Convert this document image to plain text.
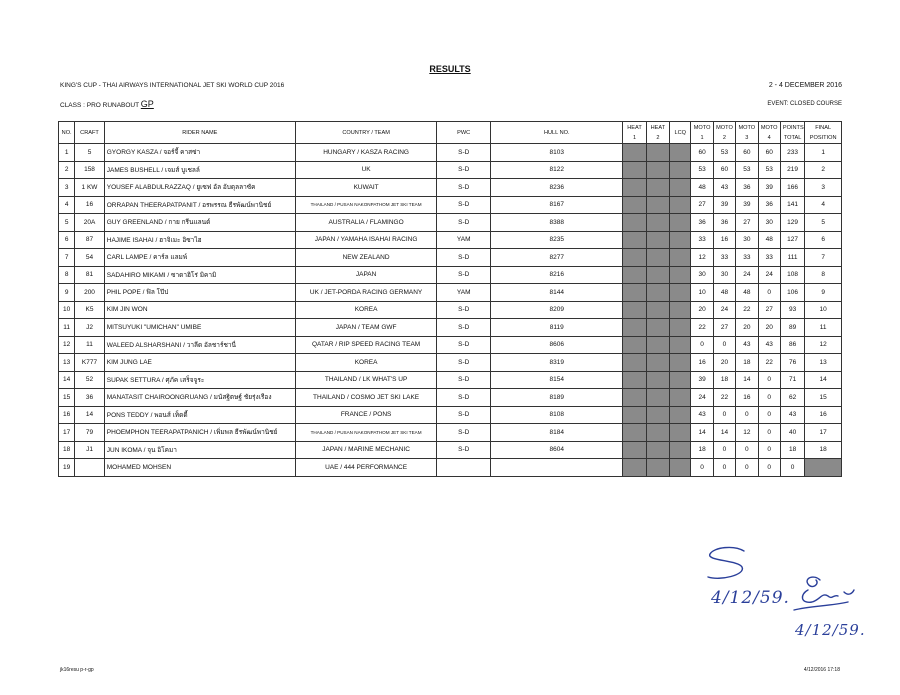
RESULTS
KING'S CUP - THAI AIRWAYS INTERNATIONAL JET SKI WORLD CUP 2016	2 - 4 DECEMBER 2016
CLASS : PRO RUNABOUT GP	EVENT: CLOSED COURSE
NO.	CRAFT	RIDER NAME	COUNTRY / TEAM	PWC	HULL NO.	HEAT	HEAT	LCQ	MOTO	MOTO	MOTO	MOTO	POINTS	FINAL
						1	2		1	2	3	4	TOTAL	POSITION
1	5	GYORGY KASZA / จอร์จี้ คาสซ่า	HUNGARY / KASZA RACING	S-D	8103				60	53	60	60	233	1
2	158	JAMES BUSHELL / เจมส์ บูเชลล์	UK	S-D	8122				53	60	53	53	219	2
3	1 KW	YOUSEF ALABDULRAZZAQ / ยูเซฟ อัล อับดุลลาซัค	KUWAIT	S-D	8236				48	43	36	39	166	3
4	16	ORRAPAN THEERAPATPANIT / อรพรรณ ธีรพัฒน์พานิชย์	THAILAND / PUSAN NAKONPATHOM JET SKI TEAM	S-D	8167				27	39	39	36	141	4
5	20A	GUY GREENLAND / กาย กรีนแลนด์	AUSTRALIA / FLAMINGO	S-D	8388				36	36	27	30	129	5
6	87	HAJIME ISAHAI / ฮาจิเมะ อิซาไฮ	JAPAN / YAMAHA ISAHAI RACING	YAM	8235				33	16	30	48	127	6
7	54	CARL LAMPE / คาร์ล แลมพ์	NEW ZEALAND	S-D	8277				12	33	33	33	111	7
8	81	SADAHIRO MIKAMI / ซาดาฮิโร่ มิคามิ	JAPAN	S-D	8216				30	30	24	24	108	8
9	200	PHIL POPE / ฟิล โป๊ป	UK / JET-PORDA RACING GERMANY	YAM	8144				10	48	48	0	106	9
10	K5	KIM JIN WON	KOREA	S-D	8209				20	24	22	27	93	10
11	J2	MITSUYUKI "UMICHAN" UMIBE	JAPAN / TEAM GWF	S-D	8119				22	27	20	20	89	11
12	11	WALEED ALSHARSHANI / วาลีด อัลชาร์ชานี่	QATAR / RIP SPEED RACING TEAM	S-D	8606				0	0	43	43	86	12
13	K777	KIM JUNG LAE	KOREA	S-D	8319				16	20	18	22	76	13
14	52	SUPAK SETTURA / ศุภัค เสร็จจูระ	THAILAND / LK WHAT'S UP	S-D	8154				39	18	14	0	71	14
15	36	MANATASIT CHAIROONGRUANG / มนัสฐิตษฐ์ ชัยรุ่งเรือง	THAILAND / COSMO JET SKI LAKE	S-D	8189				24	22	16	0	62	15
16	14	PONS TEDDY / พอนส์ เท็ดดี้	FRANCE / PONS	S-D	8108				43	0	0	0	43	16
17	79	PHOEMPHON TEERAPATPANICH / เพิ่มพล ธีรพัฒน์พานิชย์	THAILAND / PUSAN NAKONPATHOM JET SKI TEAM	S-D	8184				14	14	12	0	40	17
18	J1	JUN IKOMA / จุน อิโคมา	JAPAN / MARINE MECHANIC	S-D	8604				18	0	0	0	18	18
19		MOHAMED MOHSEN	UAE / 444 PERFORMANCE						0	0	0	0	0	
4/12/59.
4/12/59.
jk16resu p-r-gp	4/12/2016 17:18
